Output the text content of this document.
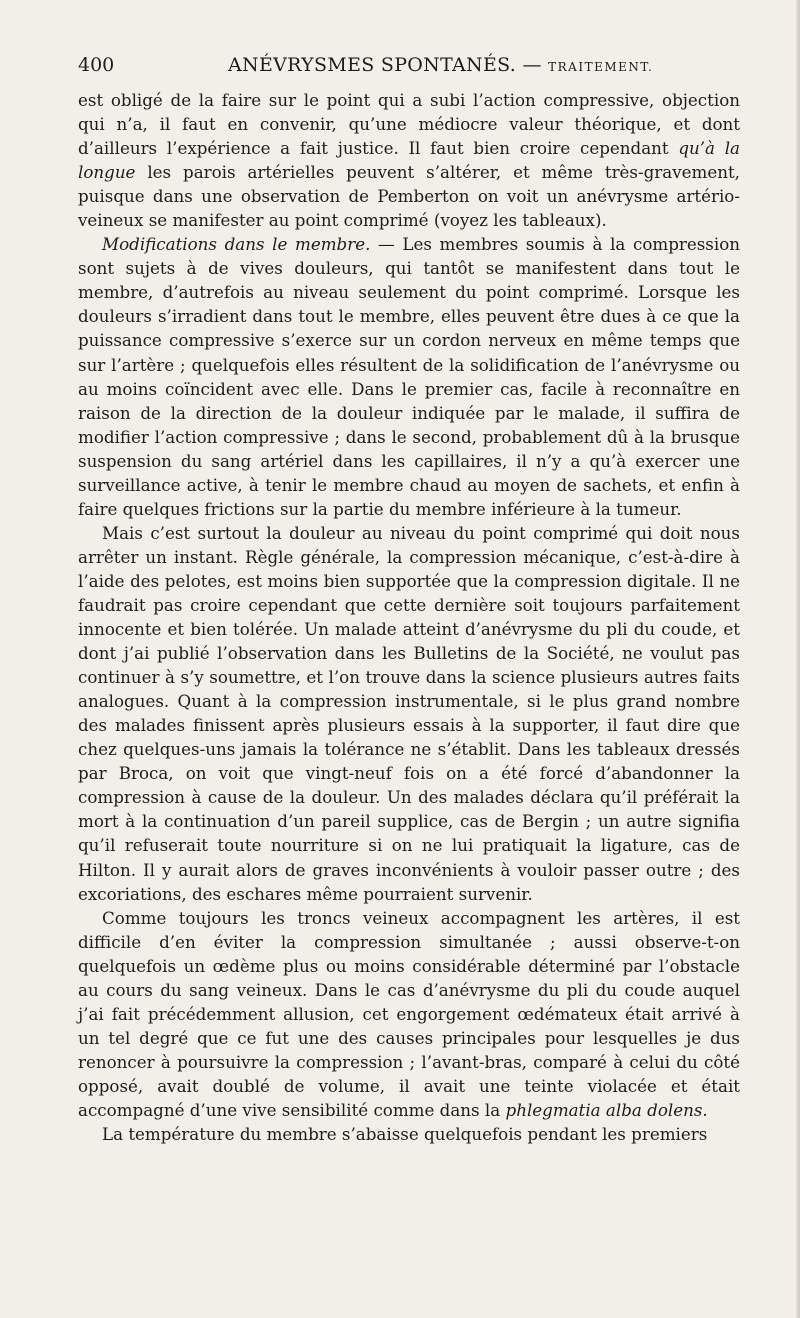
400	ANÉVRYSMES SPONTANÉS. — TRAITEMENT.

est obligé de la faire sur le point qui a subi l’action compressive, objection qui n’a, il faut en convenir, qu’une médiocre valeur théorique, et dont d’ailleurs l’expérience a fait justice. Il faut bien croire cependant qu’à la longue les parois artérielles peuvent s’altérer, et même très-gravement, puisque dans une observation de Pemberton on voit un anévrysme artério-veineux se manifester au point comprimé (voyez les tableaux).

Modifications dans le membre. — Les membres soumis à la compression sont sujets à de vives douleurs, qui tantôt se manifestent dans tout le membre, d’autrefois au niveau seulement du point comprimé. Lorsque les douleurs s’irradient dans tout le membre, elles peuvent être dues à ce que la puissance compressive s’exerce sur un cordon nerveux en même temps que sur l’artère ; quelquefois elles résultent de la solidification de l’anévrysme ou au moins coïncident avec elle. Dans le premier cas, facile à reconnaître en raison de la direction de la douleur indiquée par le malade, il suffira de modifier l’action compressive ; dans le second, probablement dû à la brusque suspension du sang artériel dans les capillaires, il n’y a qu’à exercer une surveillance active, à tenir le membre chaud au moyen de sachets, et enfin à faire quelques frictions sur la partie du membre inférieure à la tumeur.

Mais c’est surtout la douleur au niveau du point comprimé qui doit nous arrêter un instant. Règle générale, la compression mécanique, c’est-à-dire à l’aide des pelotes, est moins bien supportée que la compression digitale. Il ne faudrait pas croire cependant que cette dernière soit toujours parfaitement innocente et bien tolérée. Un malade atteint d’anévrysme du pli du coude, et dont j’ai publié l’observation dans les Bulletins de la Société, ne voulut pas continuer à s’y soumettre, et l’on trouve dans la science plusieurs autres faits analogues. Quant à la compression instrumentale, si le plus grand nombre des malades finissent après plusieurs essais à la supporter, il faut dire que chez quelques-uns jamais la tolérance ne s’établit. Dans les tableaux dressés par Broca, on voit que vingt-neuf fois on a été forcé d’abandonner la compression à cause de la douleur. Un des malades déclara qu’il préférait la mort à la continuation d’un pareil supplice, cas de Bergin ; un autre signifia qu’il refuserait toute nourriture si on ne lui pratiquait la ligature, cas de Hilton. Il y aurait alors de graves inconvénients à vouloir passer outre ; des excoriations, des eschares même pourraient survenir.

Comme toujours les troncs veineux accompagnent les artères, il est difficile d’en éviter la compression simultanée ; aussi observe-t-on quelquefois un œdème plus ou moins considérable déterminé par l’obstacle au cours du sang veineux. Dans le cas d’anévrysme du pli du coude auquel j’ai fait précédemment allusion, cet engorgement œdémateux était arrivé à un tel degré que ce fut une des causes principales pour lesquelles je dus renoncer à poursuivre la compression ; l’avant-bras, comparé à celui du côté opposé, avait doublé de volume, il avait une teinte violacée et était accompagné d’une vive sensibilité comme dans la phlegmatia alba dolens.

La température du membre s’abaisse quelquefois pendant les premiers
